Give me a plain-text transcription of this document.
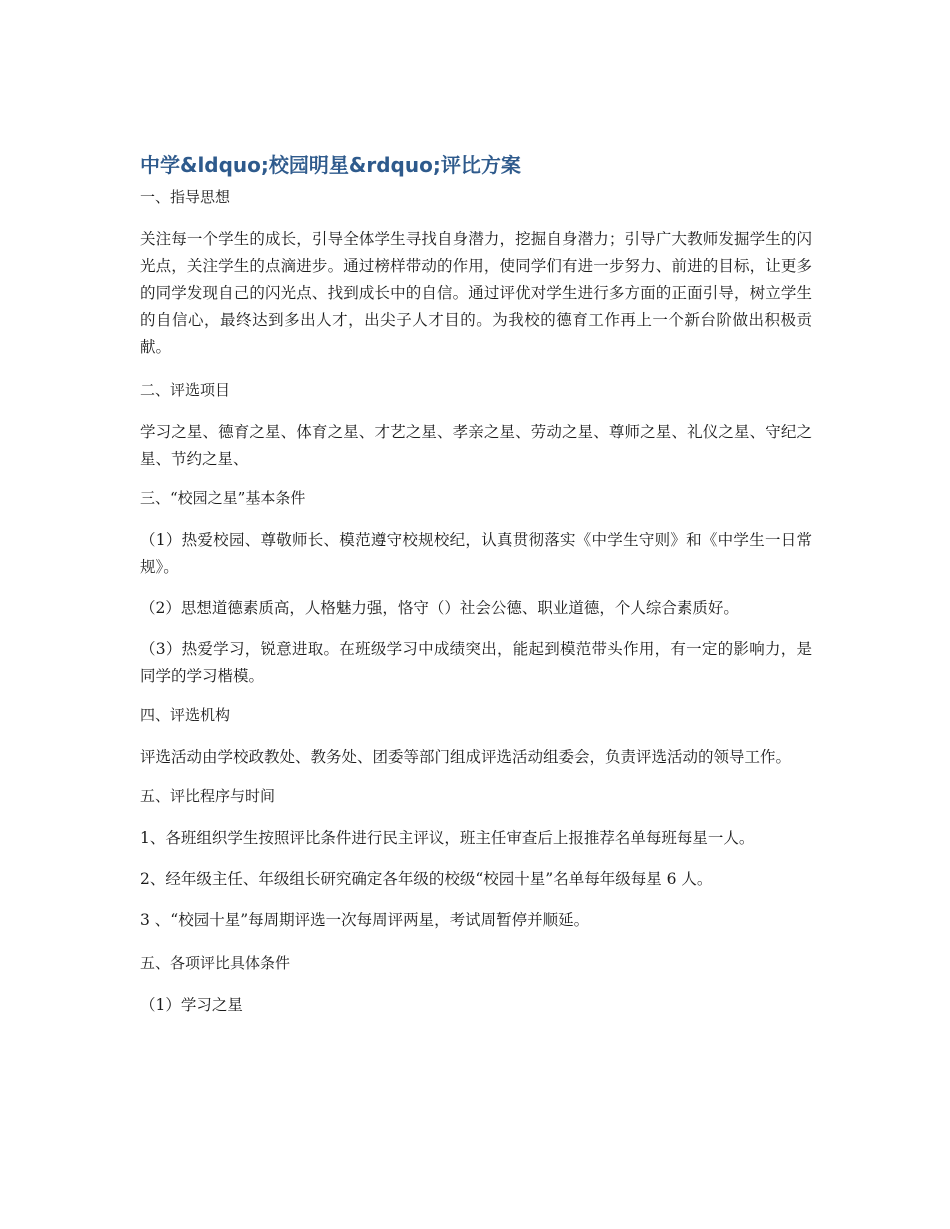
中学&ldquo;校园明星&rdquo;评比方案

一、指导思想

关注每一个学生的成长，引导全体学生寻找自身潜力，挖掘自身潜力；引导广大教师发掘学生的闪光点，关注学生的点滴进步。通过榜样带动的作用，使同学们有进一步努力、前进的目标，让更多的同学发现自己的闪光点、找到成长中的自信。通过评优对学生进行多方面的正面引导，树立学生的自信心，最终达到多出人才，出尖子人才目的。为我校的德育工作再上一个新台阶做出积极贡献。

二、评选项目

学习之星、德育之星、体育之星、才艺之星、孝亲之星、劳动之星、尊师之星、礼仪之星、守纪之星、节约之星、

三、“校园之星”基本条件

（1）热爱校园、尊敬师长、模范遵守校规校纪，认真贯彻落实《中学生守则》和《中学生一日常规》。

（2）思想道德素质高，人格魅力强，恪守（）社会公德、职业道德，个人综合素质好。

（3）热爱学习，锐意进取。在班级学习中成绩突出，能起到模范带头作用，有一定的影响力，是同学的学习楷模。

四、评选机构

评选活动由学校政教处、教务处、团委等部门组成评选活动组委会，负责评选活动的领导工作。

五、评比程序与时间

1、各班组织学生按照评比条件进行民主评议，班主任审查后上报推荐名单每班每星一人。

2、经年级主任、年级组长研究确定各年级的校级“校园十星”名单每年级每星 6 人。

3 、“校园十星”每周期评选一次每周评两星，考试周暂停并顺延。

五、各项评比具体条件

（1）学习之星
